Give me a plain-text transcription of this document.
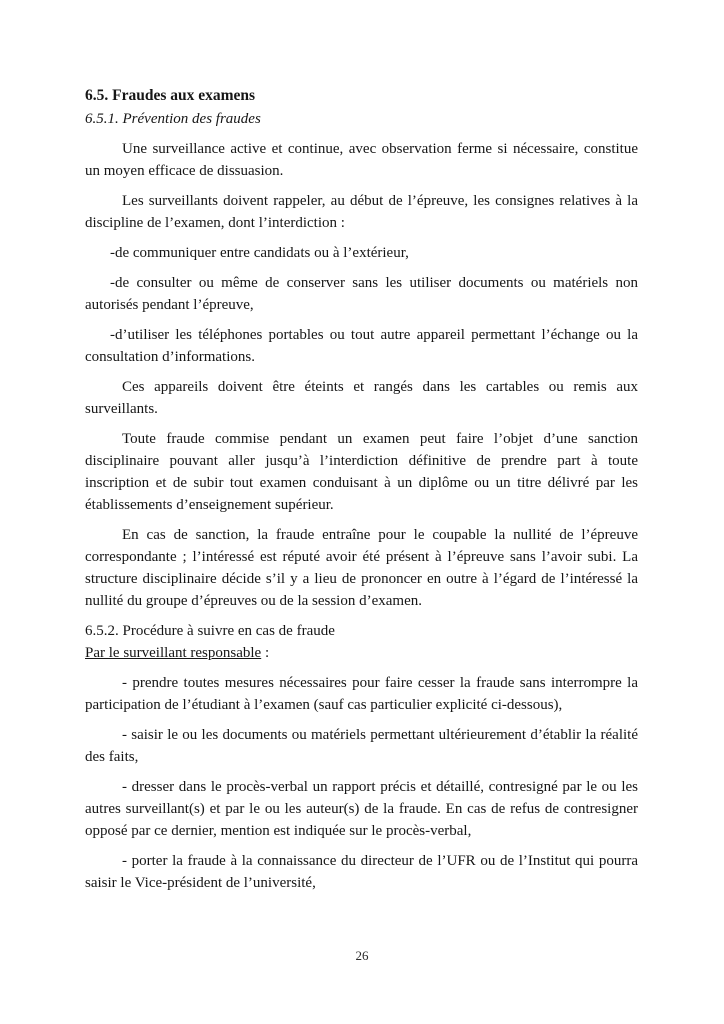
6.5. Fraudes aux examens
6.5.1. Prévention des fraudes

Une surveillance active et continue, avec observation ferme si nécessaire, constitue un moyen efficace de dissuasion.

Les surveillants doivent rappeler, au début de l’épreuve, les consignes relatives à la discipline de l’examen, dont l’interdiction :

-de communiquer entre candidats ou à l’extérieur,

-de consulter ou même de conserver sans les utiliser documents ou matériels non autorisés pendant l’épreuve,

-d’utiliser les téléphones portables ou tout autre appareil permettant l’échange ou la consultation d’informations.

Ces appareils doivent être éteints et rangés dans les cartables ou remis aux surveillants.

Toute fraude commise pendant un examen peut faire l’objet d’une sanction disciplinaire pouvant aller jusqu’à l’interdiction définitive de prendre part à toute inscription et de subir tout examen conduisant à un diplôme ou un titre délivré par les établissements d’enseignement supérieur.

En cas de sanction, la fraude entraîne pour le coupable la nullité de l’épreuve correspondante ; l’intéressé est réputé avoir été présent à l’épreuve sans l’avoir subi. La structure disciplinaire décide s’il y a lieu de prononcer en outre à l’égard de l’intéressé la nullité du groupe d’épreuves ou de la session d’examen.

6.5.2. Procédure à suivre en cas de fraude

Par le surveillant responsable :

- prendre toutes mesures nécessaires pour faire cesser la fraude sans interrompre la participation de l’étudiant à l’examen (sauf cas particulier explicité ci-dessous),

- saisir le ou les documents ou matériels permettant ultérieurement d’établir la réalité des faits,

- dresser dans le procès-verbal un rapport précis et détaillé, contresigné par le ou les autres surveillant(s) et par le ou les auteur(s) de la fraude. En cas de refus de contresigner opposé par ce dernier, mention est indiquée sur le procès-verbal,

- porter la fraude à la connaissance du directeur de l’UFR ou de l’Institut qui pourra saisir le Vice-président de l’université,

26
